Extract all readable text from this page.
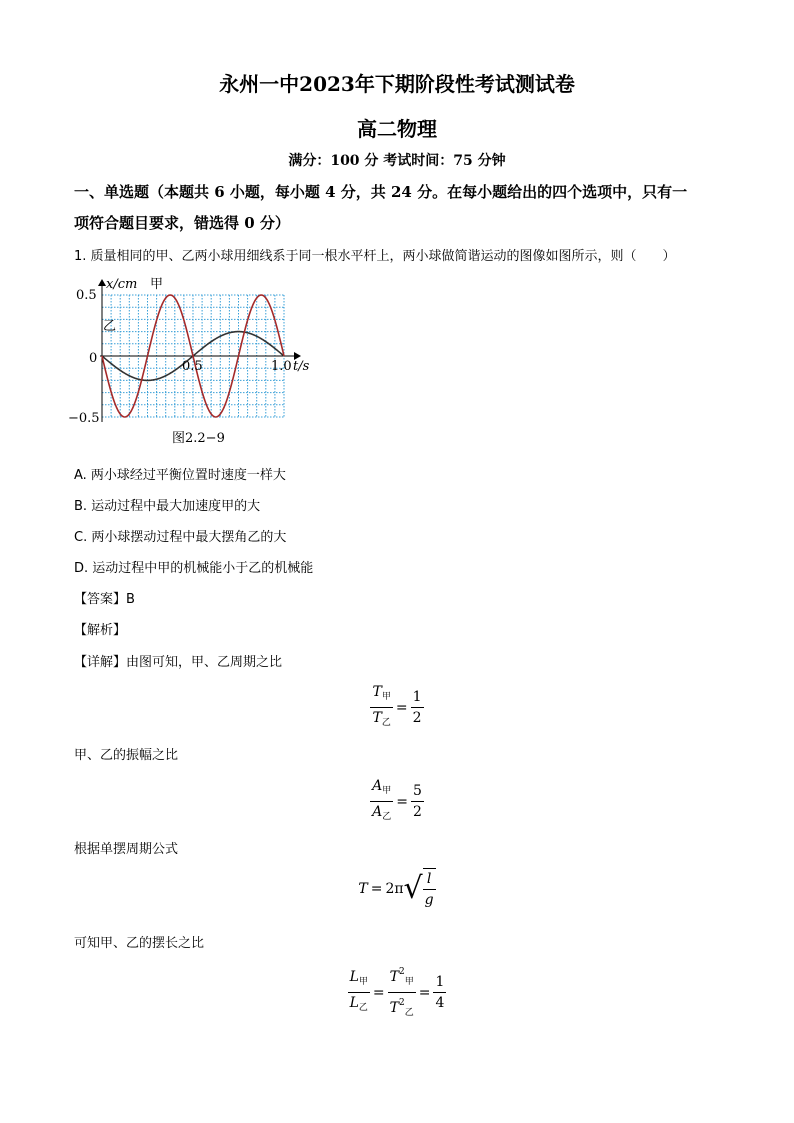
永州一中2023年下期阶段性考试测试卷
高二物理
满分：100 分 考试时间：75 分钟
一、单选题（本题共 6 小题，每小题 4 分，共 24 分。在每小题给出的四个选项中，只有一
项符合题目要求，错选得 0 分）
1. 质量相同的甲、乙两小球用细线系于同一根水平杆上，两小球做简谐运动的图像如图所示，则（　　）
x/cm 甲
乙
0.5
0
−0.5
0.5	1.0 t/s
图2.2−9
A. 两小球经过平衡位置时速度一样大
B. 运动过程中最大加速度甲的大
C. 两小球摆动过程中最大摆角乙的大
D. 运动过程中甲的机械能小于乙的机械能
【答案】B
【解析】
【详解】由图可知，甲、乙周期之比
$\frac{T_甲}{T_乙} = \frac{1}{2}$
甲、乙的振幅之比
$\frac{A_甲}{A_乙} = \frac{5}{2}$
根据单摆周期公式
$T = 2\pi√ \frac{l}{g}$
可知甲、乙的摆长之比
$\frac{L_甲}{L_乙} = \frac{T^2_甲}{T^2_乙} = \frac{1}{4}$
